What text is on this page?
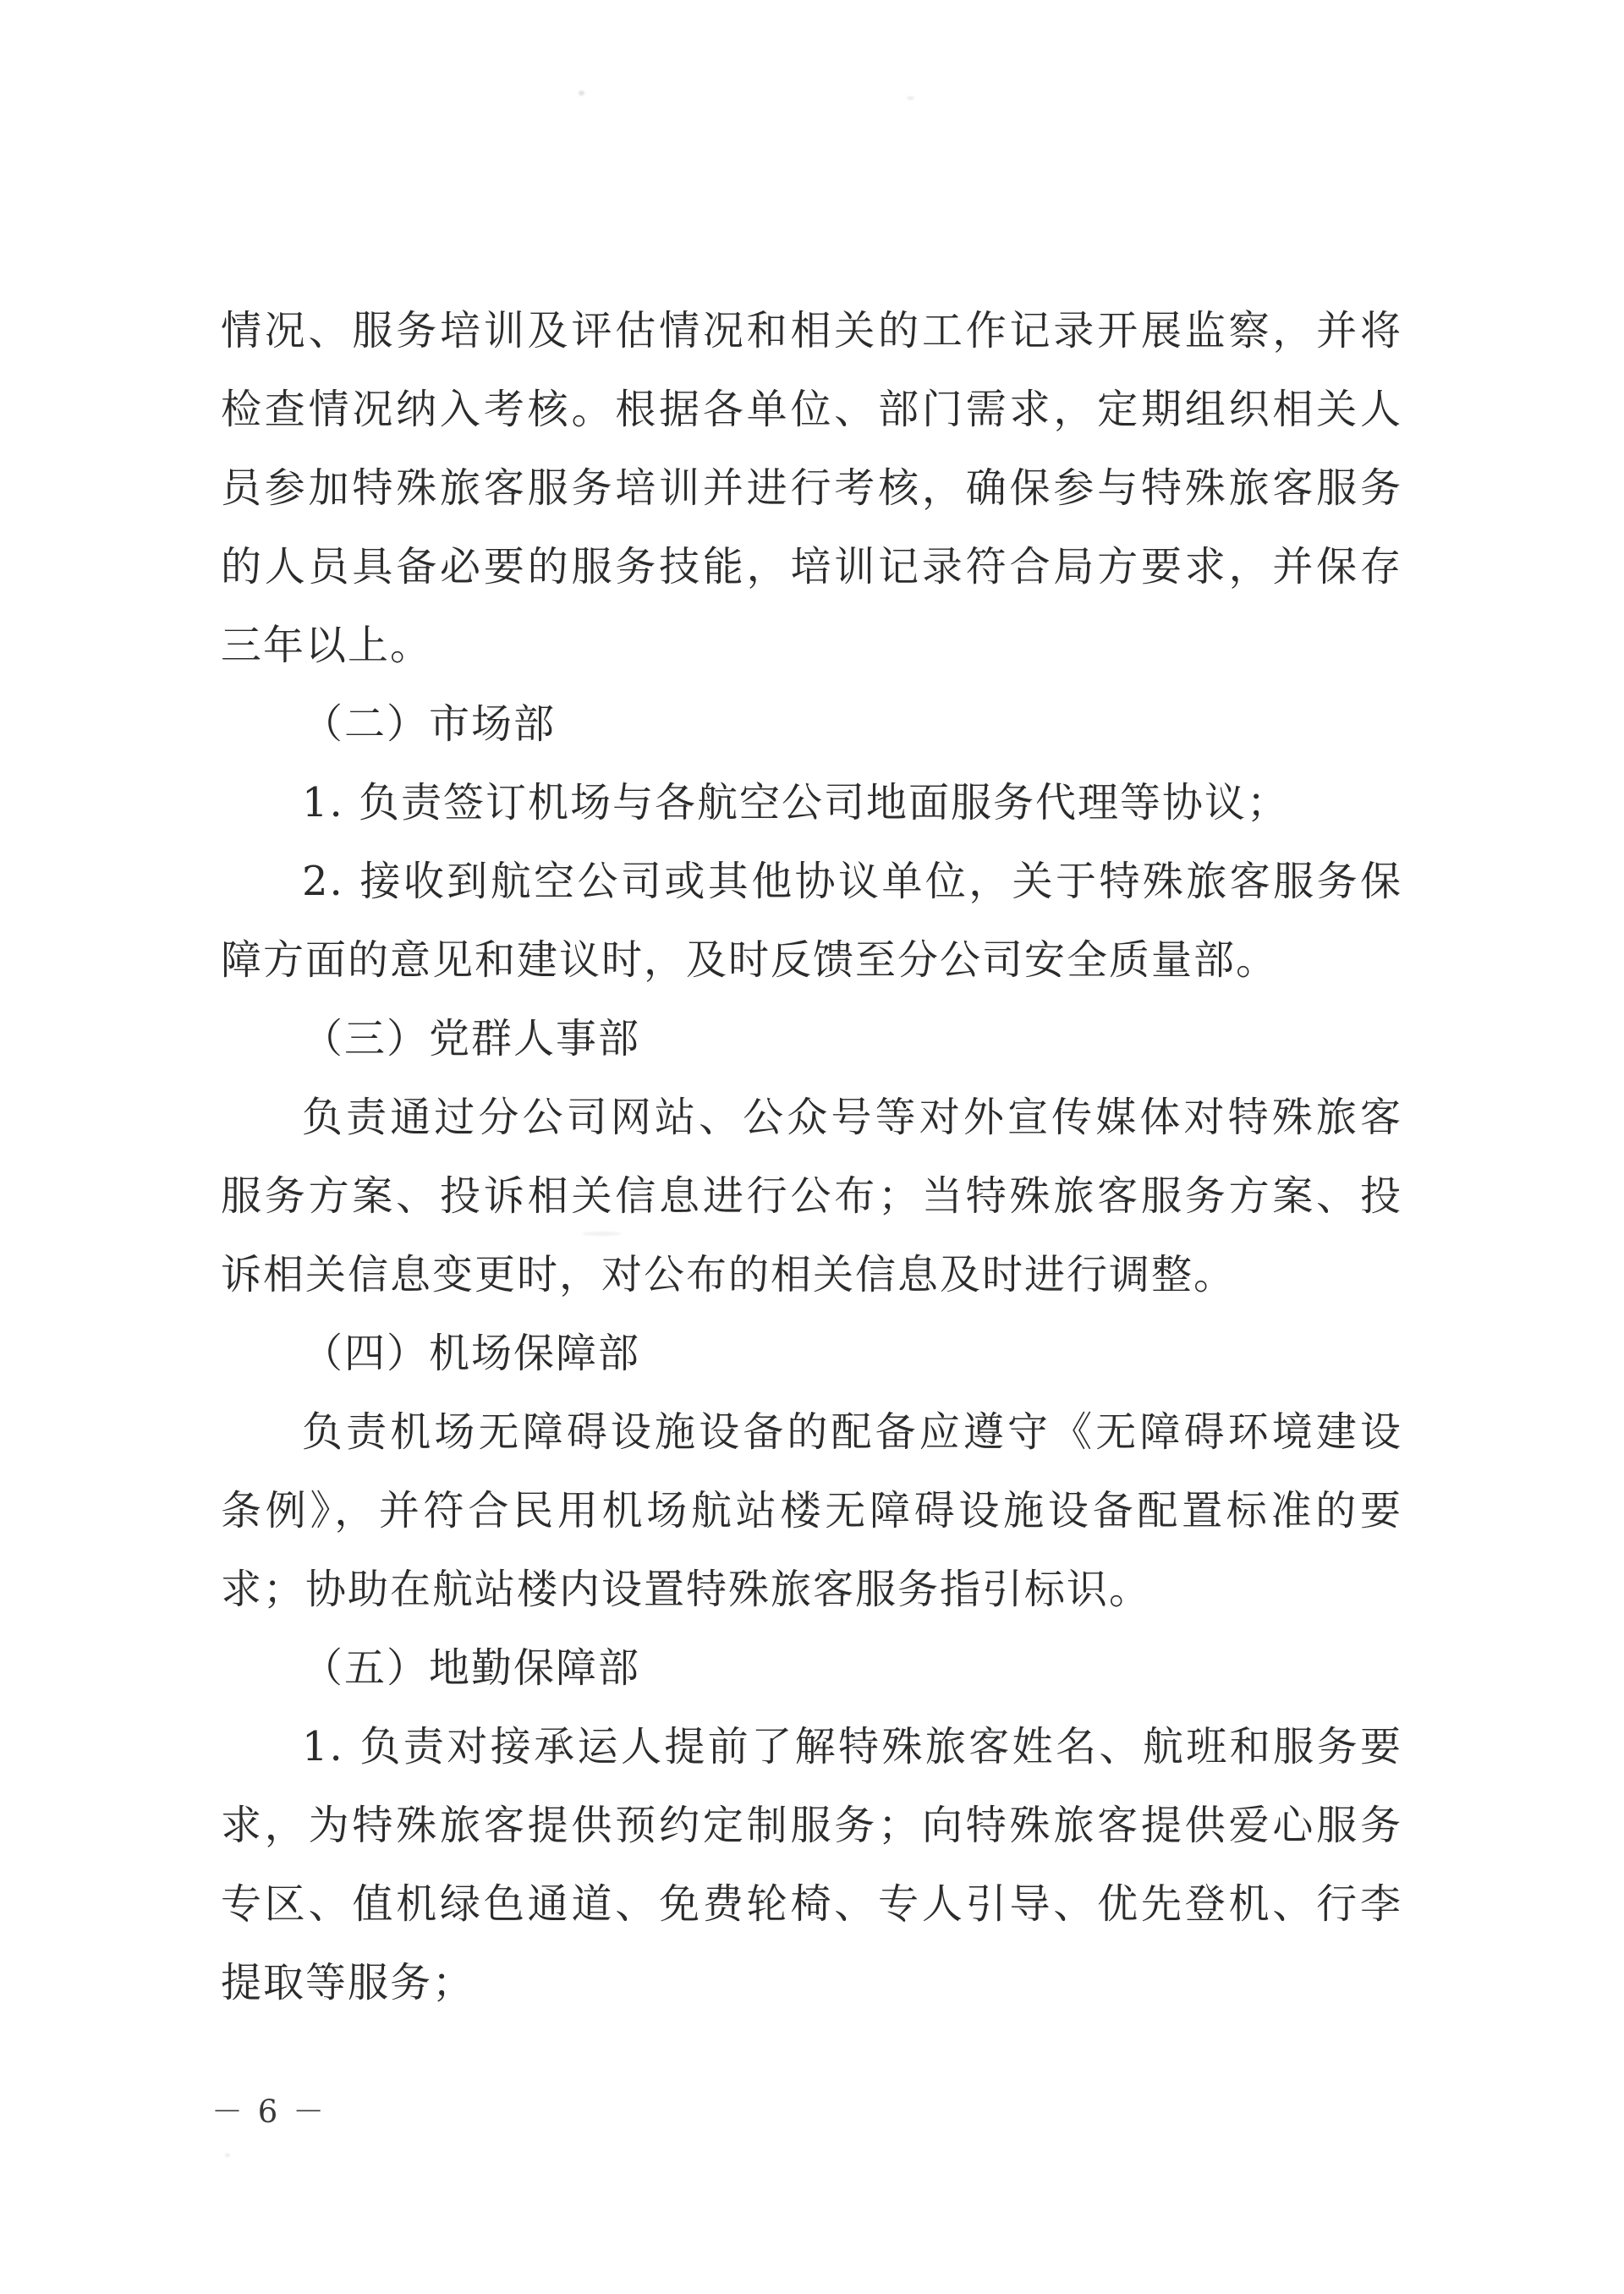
情况、服务培训及评估情况和相关的工作记录开展监察，并将
检查情况纳入考核。根据各单位、部门需求，定期组织相关人
员参加特殊旅客服务培训并进行考核，确保参与特殊旅客服务
的人员具备必要的服务技能，培训记录符合局方要求，并保存
三年以上。
（二）市场部
1. 负责签订机场与各航空公司地面服务代理等协议；
2. 接收到航空公司或其他协议单位，关于特殊旅客服务保
障方面的意见和建议时，及时反馈至分公司安全质量部。
（三）党群人事部
负责通过分公司网站、公众号等对外宣传媒体对特殊旅客
服务方案、投诉相关信息进行公布；当特殊旅客服务方案、投
诉相关信息变更时，对公布的相关信息及时进行调整。
（四）机场保障部
负责机场无障碍设施设备的配备应遵守《无障碍环境建设
条例》，并符合民用机场航站楼无障碍设施设备配置标准的要
求；协助在航站楼内设置特殊旅客服务指引标识。
（五）地勤保障部
1. 负责对接承运人提前了解特殊旅客姓名、航班和服务要
求，为特殊旅客提供预约定制服务；向特殊旅客提供爱心服务
专区、值机绿色通道、免费轮椅、专人引导、优先登机、行李
提取等服务；
－ 6 －
